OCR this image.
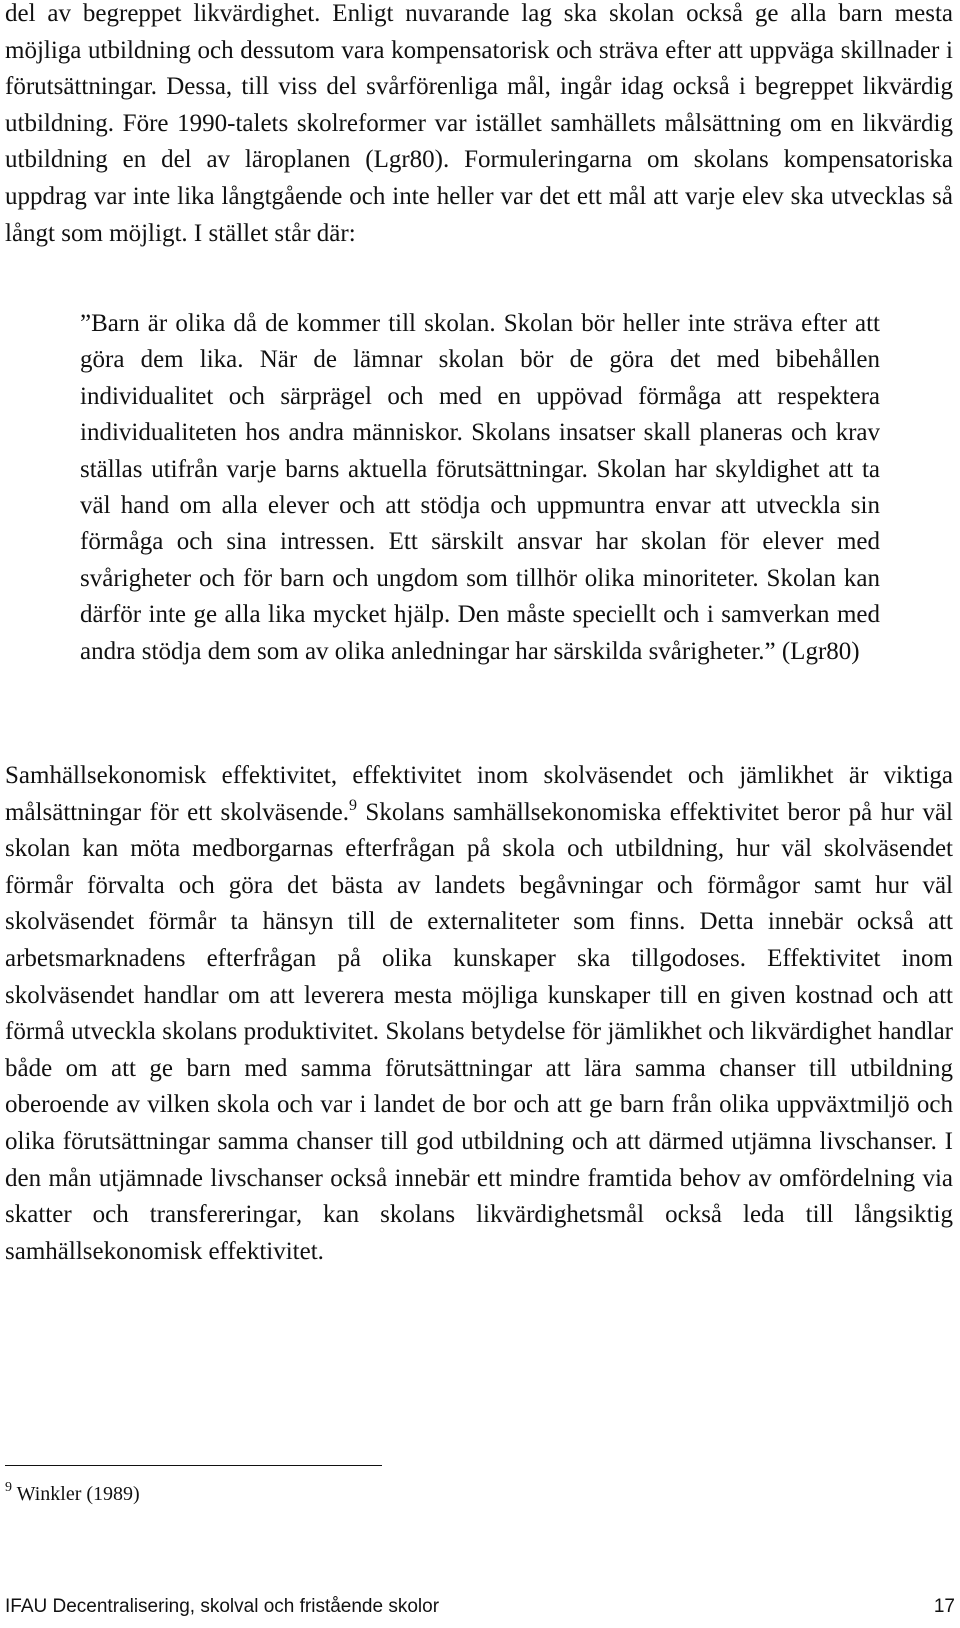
del av begreppet likvärdighet. Enligt nuvarande lag ska skolan också ge alla barn mesta möjliga utbildning och dessutom vara kompensatorisk och sträva efter att uppväga skillnader i förutsättningar. Dessa, till viss del svårförenliga mål, ingår idag också i begreppet likvärdig utbildning. Före 1990-talets skolreformer var istället samhällets målsättning om en likvärdig utbildning en del av läroplanen (Lgr80). Formuleringarna om skolans kompensatoriska uppdrag var inte lika långtgående och inte heller var det ett mål att varje elev ska utvecklas så långt som möjligt. I stället står där:

”Barn är olika då de kommer till skolan. Skolan bör heller inte sträva efter att göra dem lika. När de lämnar skolan bör de göra det med bibehållen individualitet och särprägel och med en uppövad förmåga att respektera individualiteten hos andra människor. Skolans insatser skall planeras och krav ställas utifrån varje barns aktuella förutsättningar. Skolan har skyldighet att ta väl hand om alla elever och att stödja och uppmuntra envar att utveckla sin förmåga och sina intressen. Ett särskilt ansvar har skolan för elever med svårigheter och för barn och ungdom som tillhör olika minoriteter. Skolan kan därför inte ge alla lika mycket hjälp. Den måste speciellt och i samverkan med andra stödja dem som av olika anledningar har särskilda svårigheter.” (Lgr80)

Samhällsekonomisk effektivitet, effektivitet inom skolväsendet och jämlikhet är viktiga målsättningar för ett skolväsende.$^9$ Skolans samhällsekonomiska effektivitet beror på hur väl skolan kan möta medborgarnas efterfrågan på skola och utbildning, hur väl skolväsendet förmår förvalta och göra det bästa av landets begåvningar och förmågor samt hur väl skolväsendet förmår ta hänsyn till de externaliteter som finns. Detta innebär också att arbetsmarknadens efterfrågan på olika kunskaper ska tillgodoses. Effektivitet inom skolväsendet handlar om att leverera mesta möjliga kunskaper till en given kostnad och att förmå utveckla skolans produktivitet. Skolans betydelse för jämlikhet och likvärdighet handlar både om att ge barn med samma förutsättningar att lära samma chanser till utbildning oberoende av vilken skola och var i landet de bor och att ge barn från olika uppväxtmiljö och olika förutsättningar samma chanser till god utbildning och att därmed utjämna livschanser. I den mån utjämnade livschanser också innebär ett mindre framtida behov av omfördelning via skatter och transfereringar, kan skolans likvärdighetsmål också leda till långsiktig samhällsekonomisk effektivitet.

$^9$ Winkler (1989)
IFAU Decentralisering, skolval och fristående skolor	17
